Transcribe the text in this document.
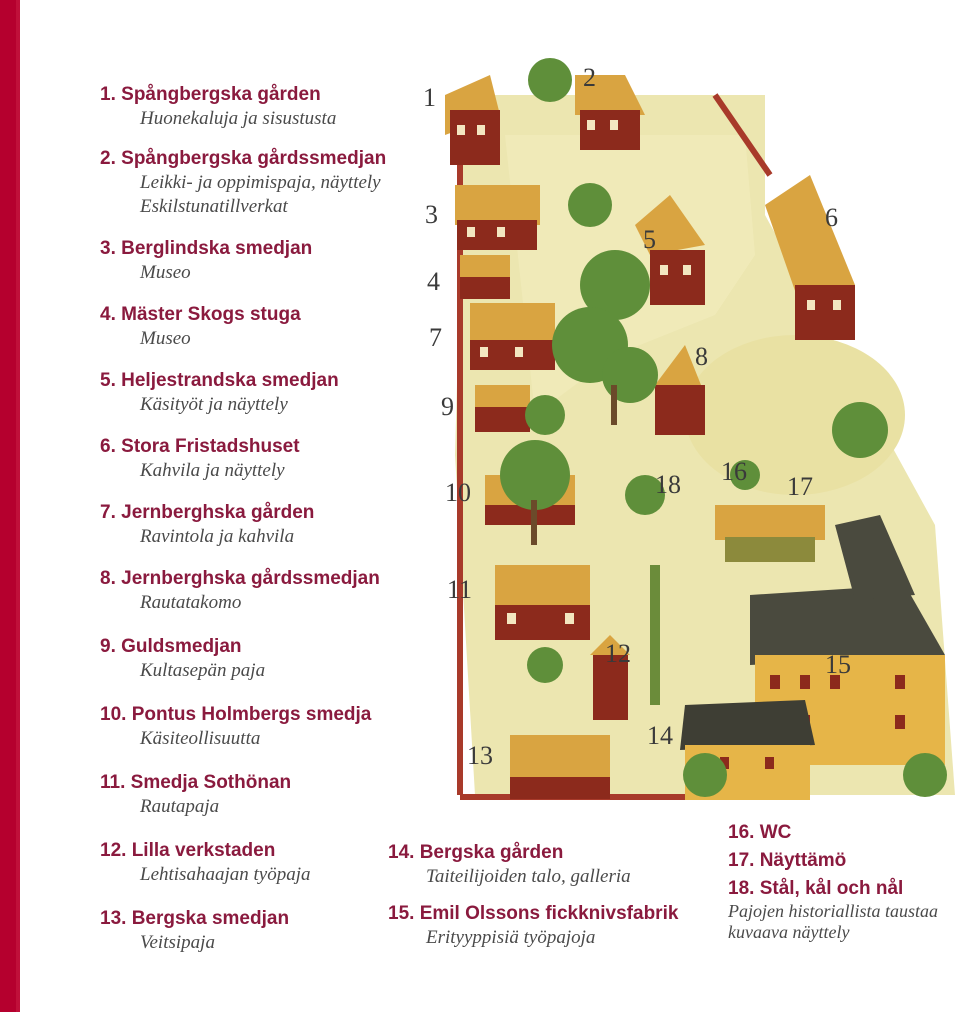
1. Spångbergska gården
Huonekaluja ja sisustusta
2. Spångbergska gårdssmedjan
Leikki- ja oppimispaja, näyttely
Eskilstunatillverkat
3. Berglindska smedjan
Museo
4. Mäster Skogs stuga
Museo
5. Heljestrandska smedjan
Käsityöt ja näyttely
6. Stora Fristadshuset
Kahvila ja näyttely
7. Jernberghska gården
Ravintola ja kahvila
8. Jernberghska gårdssmedjan
Rautatakomo
9. Guldsmedjan
Kultasepän paja
10. Pontus Holmbergs smedja
Käsiteollisuutta
11. Smedja Sothönan
Rautapaja
12. Lilla verkstaden
Lehtisahaajan työpaja
13. Bergska smedjan
Veitsipaja
14. Bergska gården
Taiteilijoiden talo, galleria
15. Emil Olssons fickknivsfabrik
Erityyppisiä työpajoja
16. WC
17. Näyttämö
18. Stål, kål och nål
Pajojen historiallista taustaa
kuvaava näyttely
1
2
3
4
5
6
7
8
9
10
11
12
13
14
15
16
17
18
